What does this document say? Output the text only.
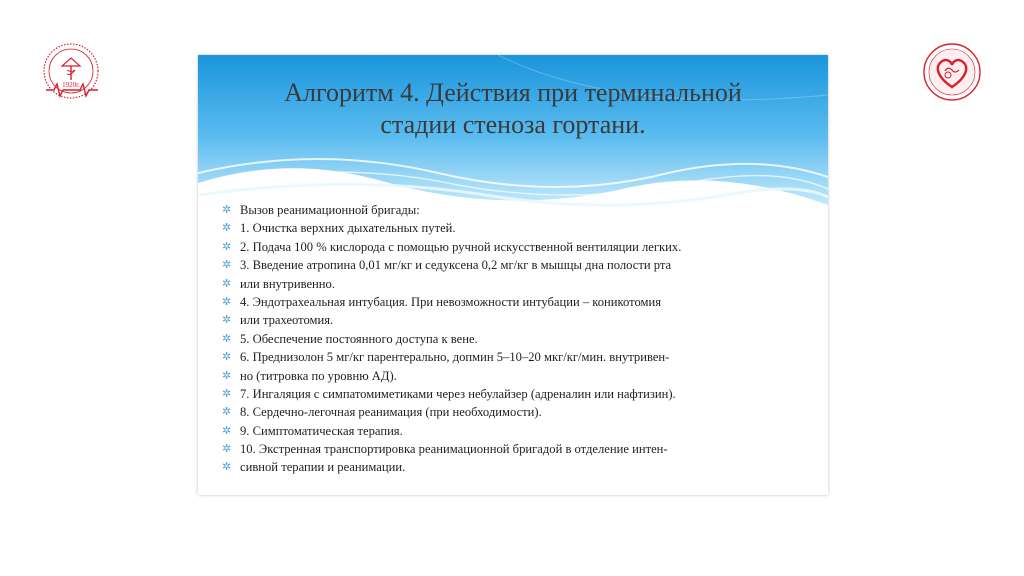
1920г.	Алгоритм 4. Действия при терминальной
стадии стеноза гортани.
✲ Вызов реанимационной бригады:
✲ 1. Очистка верхних дыхательных путей.
✲ 2. Подача 100 % кислорода с помощью ручной искусственной вентиляции легких.
✲ 3. Введение атропина 0,01 мг/кг и седуксена 0,2 мг/кг в мышцы дна полости рта
✲ или внутривенно.
✲ 4. Эндотрахеальная интубация. При невозможности интубации – коникотомия
✲ или трахеотомия.
✲ 5. Обеспечение постоянного доступа к вене.
✲ 6. Преднизолон 5 мг/кг парентерально, допмин 5–10–20 мкг/кг/мин. внутривен-
✲ но (титровка по уровню АД).
✲ 7. Ингаляция с симпатомиметиками через небулайзер (адреналин или нафтизин).
✲ 8. Сердечно-легочная реанимация (при необходимости).
✲ 9. Симптоматическая терапия.
✲ 10. Экстренная транспортировка реанимационной бригадой в отделение интен-
✲ сивной терапии и реанимации.
